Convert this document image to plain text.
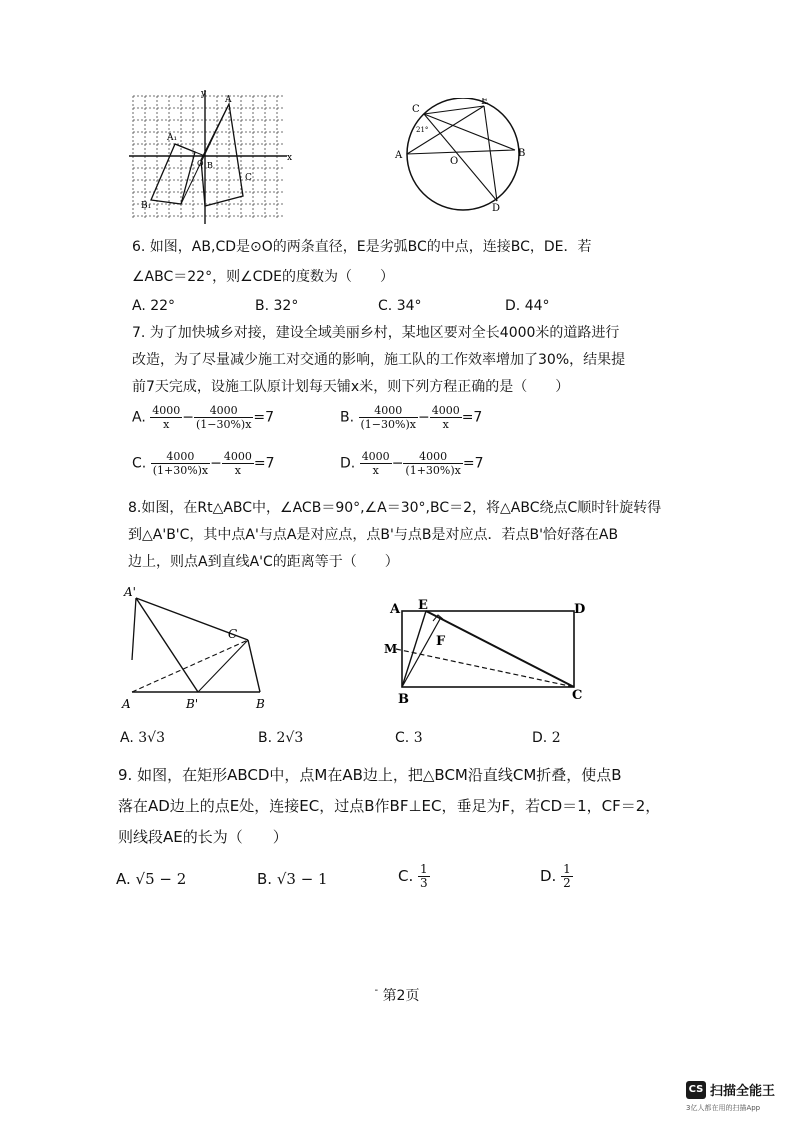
A
A₁
B
B₁
C
O
y
x
C
E
A	B
D
O
21°
6. 如图，AB,CD是⊙O的两条直径，E是劣弧BC的中点，连接BC，DE．若
∠ABC＝22°，则∠CDE的度数为（　　）
A. 22°	B. 32°	C. 34°	D. 44°
7. 为了加快城乡对接，建设全域美丽乡村，某地区要对全长4000米的道路进行
改造，为了尽量减少施工对交通的影响，施工队的工作效率增加了30%，结果提
前7天完成，设施工队原计划每天铺x米，则下列方程正确的是（　　）
A. $\frac{4000}{x} - \frac{4000}{(1-30\%)x} =7$	B. $\frac{4000}{(1-30\%)x} - \frac{4000}{x} =7$
C. $\frac{4000}{(1+30\%)x} - \frac{4000}{x} =7$	D. $\frac{4000}{x} - \frac{4000}{(1+30\%)x} =7$
8.如图，在Rt△ABC中，∠ACB＝90°,∠A＝30°,BC＝2，将△ABC绕点C顺时针旋转得
到△A'B'C，其中点A'与点A是对应点，点B'与点B是对应点．若点B'恰好落在AB
边上，则点A到直线A'C的距离等于（　　）
A'
C
A	B'	B
A E	D
F
M
B	C
A. 3√3	B. 2√3	C. 3	D. 2
9. 如图，在矩形ABCD中，点M在AB边上，把△BCM沿直线CM折叠，使点B
落在AD边上的点E处，连接EC，过点B作BF⊥EC，垂足为F，若CD＝1，CF＝2，
则线段AE的长为（　　）
A. √5 − 2	B. √3 − 1	C. $\frac{1}{3}$	D. $\frac{1}{2}$
- 第2页
CS 扫描全能王
3亿人都在用的扫描App
